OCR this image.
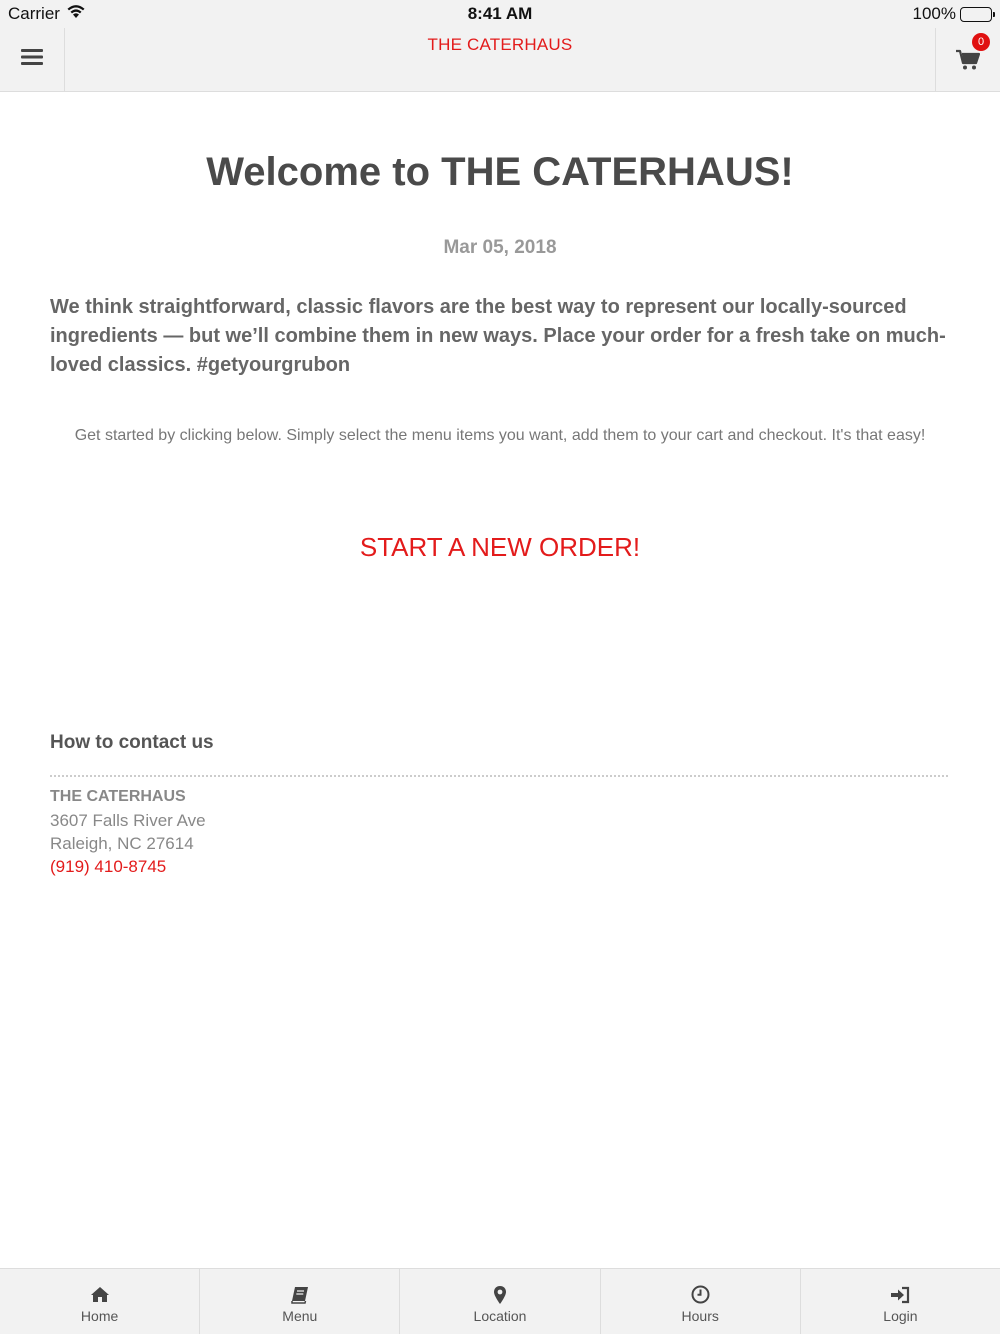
Carrier	8:41 AM	100%
THE CATERHAUS	0
Welcome to THE CATERHAUS!
Mar 05, 2018

We think straightforward, classic flavors are the best way to represent our locally-sourced ingredients — but we’ll combine them in new ways. Place your order for a fresh take on much-loved classics. #getyourgrubon

Get started by clicking below. Simply select the menu items you want, add them to your cart and checkout. It's that easy!

START A NEW ORDER!
How to contact us
THE CATERHAUS
3607 Falls River Ave
Raleigh, NC 27614
(919) 410-8745
Home	Menu	Location	Hours	Login
